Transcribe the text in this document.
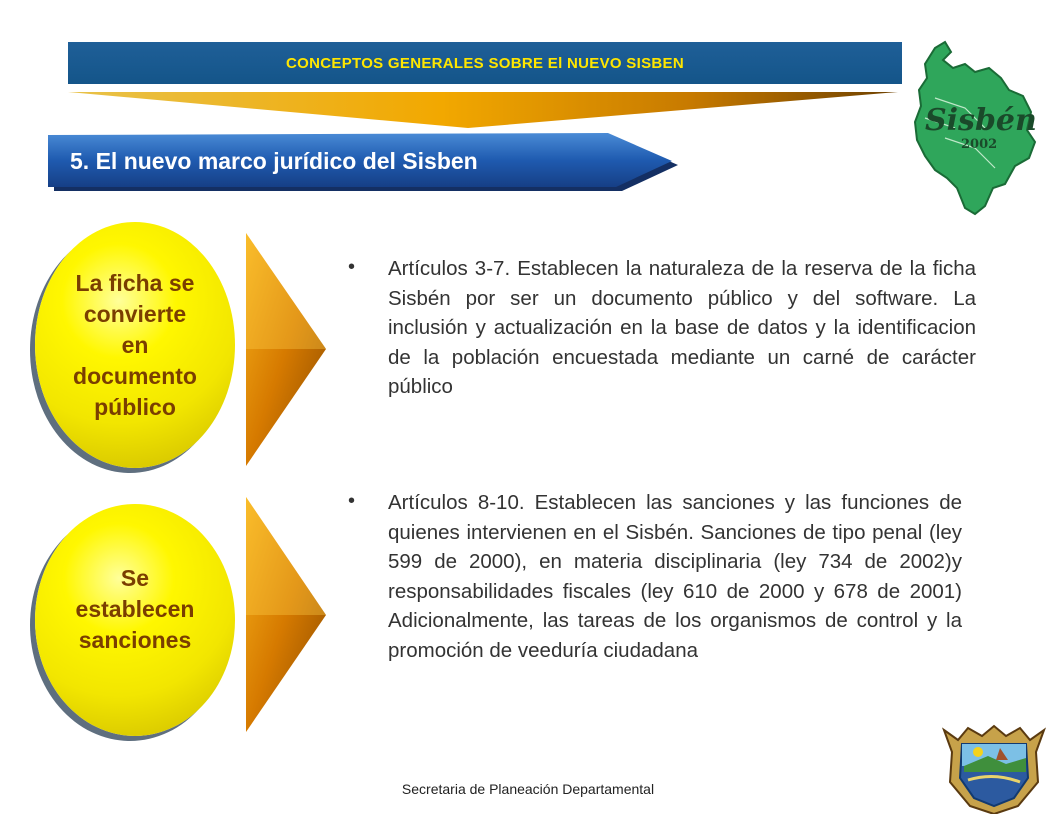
CONCEPTOS GENERALES SOBRE El NUEVO SISBEN
5. El nuevo marco jurídico del Sisben
Sisbén
2002
La ficha se
convierte
en
documento
público
• Artículos 3-7. Establecen la naturaleza de la reserva de la ficha Sisbén por ser un documento público y del software. La inclusión y actualización en la base de datos y la identificacion de la población encuestada mediante un carné de carácter público
Se
establecen
sanciones
• Artículos 8-10. Establecen las sanciones y las funciones de quienes intervienen en el Sisbén. Sanciones de tipo penal (ley 599 de 2000), en materia disciplinaria (ley 734 de 2002)y responsabilidades fiscales (ley 610 de 2000 y 678 de 2001) Adicionalmente, las tareas de los organismos de control y la promoción de veeduría ciudadana
Secretaria de Planeación Departamental
